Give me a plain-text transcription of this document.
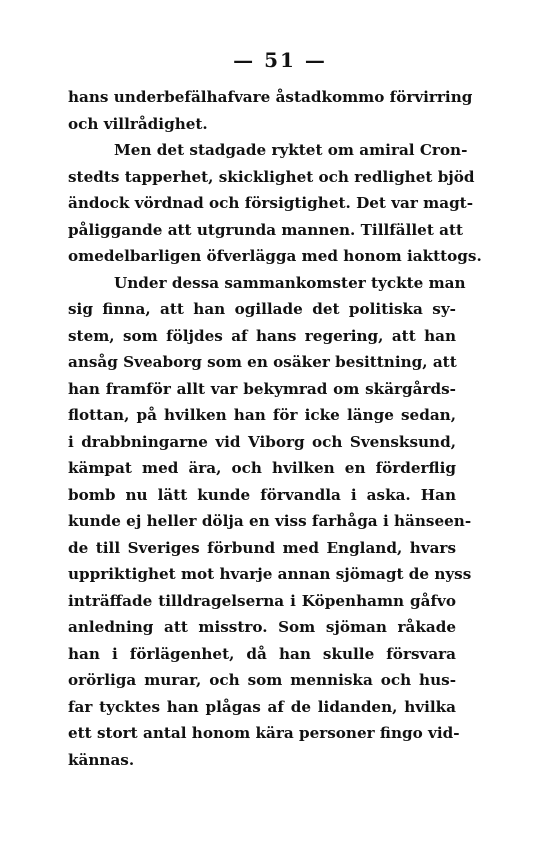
— 51 —
hans underbefälhafvare åstadkommo förvirring
och villrådighet.
Men det stadgade ryktet om amiral Cron-
stedts tapperhet, skicklighet och redlighet bjöd
ändock vördnad och försigtighet. Det var magt-
påliggande att utgrunda mannen. Tillfället att
omedelbarligen öfverlägga med honom iakttogs.
Under dessa sammankomster tyckte man
sig finna, att han ogillade det politiska sy-
stem, som följdes af hans regering, att han
ansåg Sveaborg som en osäker besittning, att
han framför allt var bekymrad om skärgårds-
flottan, på hvilken han för icke länge sedan,
i drabbningarne vid Viborg och Svensksund,
kämpat med ära, och hvilken en förderflig
bomb nu lätt kunde förvandla i aska. Han
kunde ej heller dölja en viss farhåga i hänseen-
de till Sveriges förbund med England, hvars
uppriktighet mot hvarje annan sjömagt de nyss
inträffade tilldragelserna i Köpenhamn gåfvo
anledning att misstro. Som sjöman råkade
han i förlägenhet, då han skulle försvara
orörliga murar, och som menniska och hus-
far tycktes han plågas af de lidanden, hvilka
ett stort antal honom kära personer fingo vid-
kännas.
